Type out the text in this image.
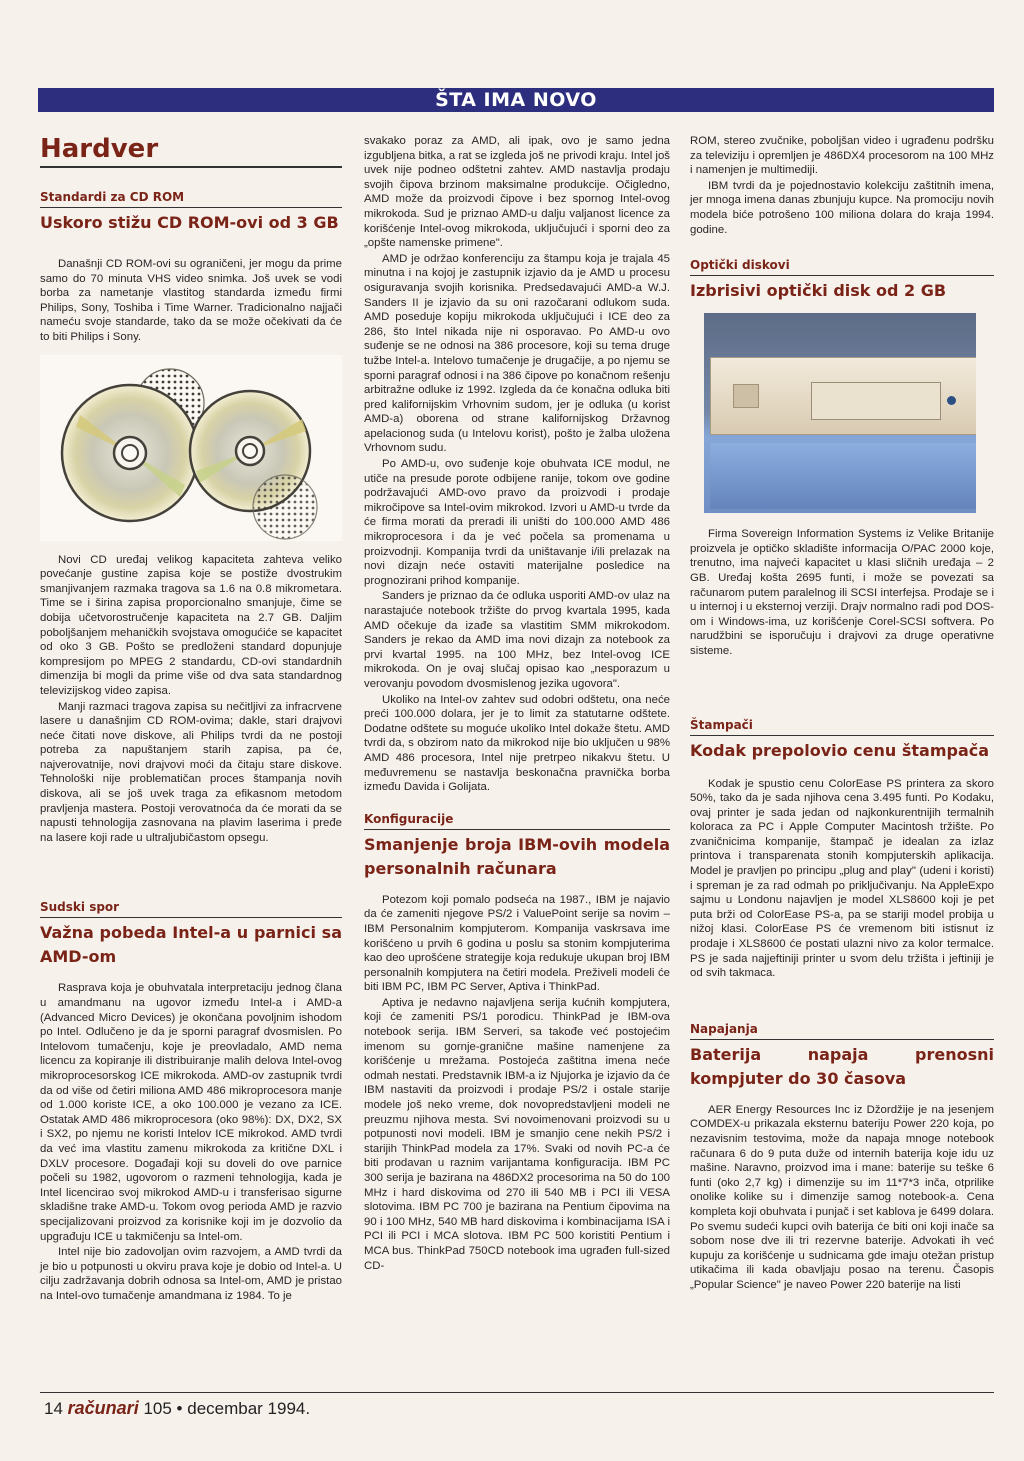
ŠTA IMA NOVO
Hardver
Standardi za CD ROM
Uskoro stižu CD ROM-ovi od 3 GB

Današnji CD ROM-ovi su ograničeni, jer mogu da prime samo do 70 minuta VHS video snimka. Još uvek se vodi borba za nametanje vlastitog standarda između firmi Philips, Sony, Toshiba i Time Warner. Tradicionalno najjači nameću svoje standarde, tako da se može očekivati da će to biti Philips i Sony.

Novi CD uređaj velikog kapaciteta zahteva veliko povećanje gustine zapisa koje se postiže dvostrukim smanjivanjem razmaka tragova sa 1.6 na 0.8 mikrometara. Time se i širina zapisa proporcionalno smanjuje, čime se dobija učetvorostručenje kapaciteta na 2.7 GB. Daljim poboljšanjem mehaničkih svojstava omogućiće se kapacitet od oko 3 GB. Pošto se predloženi standard dopunjuje kompresijom po MPEG 2 standardu, CD-ovi standardnih dimenzija bi mogli da prime više od dva sata standardnog televizijskog video zapisa.

Manji razmaci tragova zapisa su nečitljivi za infracrvene lasere u današnjim CD ROM-ovima; dakle, stari drajvovi neće čitati nove diskove, ali Philips tvrdi da ne postoji potreba za napuštanjem starih zapisa, pa će, najverovatnije, novi drajvovi moći da čitaju stare diskove. Tehnološki nije problematičan proces štampanja novih diskova, ali se još uvek traga za efikasnom metodom pravljenja mastera. Postoji verovatnoća da će morati da se napusti tehnologija zasnovana na plavim laserima i pređe na lasere koji rade u ultraljubičastom opsegu.

Sudski spor
Važna pobeda Intel-a u parnici sa AMD-om

Rasprava koja je obuhvatala interpretaciju jednog člana u amandmanu na ugovor između Intel-a i AMD-a (Advanced Micro Devices) je okončana povoljnim ishodom po Intel. Odlučeno je da je sporni paragraf dvosmislen. Po Intelovom tumačenju, koje je preovladalo, AMD nema licencu za kopiranje ili distribuiranje malih delova Intel-ovog mikroprocesorskog ICE mikrokoda. AMD-ov zastupnik tvrdi da od više od četiri miliona AMD 486 mikroprocesora manje od 1.000 koriste ICE, a oko 100.000 je vezano za ICE. Ostatak AMD 486 mikroprocesora (oko 98%): DX, DX2, SX i SX2, po njemu ne koristi Intelov ICE mikrokod. AMD tvrdi da već ima vlastitu zamenu mikrokoda za kritične DXL i DXLV procesore. Događaji koji su doveli do ove parnice počeli su 1982, ugovorom o razmeni tehnologija, kada je Intel licencirao svoj mikrokod AMD-u i transferisao sigurne skladišne trake AMD-u. Tokom ovog perioda AMD je razvio specijalizovani proizvod za korisnike koji im je dozvolio da upgrađuju ICE u takmičenju sa Intel-om.

Intel nije bio zadovoljan ovim razvojem, a AMD tvrdi da je bio u potpunosti u okviru prava koje je dobio od Intel-a. U cilju zadržavanja dobrih odnosa sa Intel-om, AMD je pristao na Intel-ovo tumačenje amandmana iz 1984. To je

svakako poraz za AMD, ali ipak, ovo je samo jedna izgubljena bitka, a rat se izgleda još ne privodi kraju. Intel još uvek nije podneo odštetni zahtev. AMD nastavlja prodaju svojih čipova brzinom maksimalne produkcije. Očigledno, AMD može da proizvodi čipove i bez spornog Intel-ovog mikrokoda. Sud je priznao AMD-u dalju valjanost licence za korišćenje Intel-ovog mikrokoda, uključujući i sporni deo za „opšte namenske primene".

AMD je održao konferenciju za štampu koja je trajala 45 minutna i na kojoj je zastupnik izjavio da je AMD u procesu osiguravanja svojih korisnika. Predsedavajući AMD-a W.J. Sanders II je izjavio da su oni razočarani odlukom suda. AMD poseduje kopiju mikrokoda uključujući i ICE deo za 286, što Intel nikada nije ni osporavao. Po AMD-u ovo suđenje se ne odnosi na 386 procesore, koji su tema druge tužbe Intel-a. Intelovo tumačenje je drugačije, a po njemu se sporni paragraf odnosi i na 386 čipove po konačnom rešenju arbitražne odluke iz 1992. Izgleda da će konačna odluka biti pred kalifornijskim Vrhovnim sudom, jer je odluka (u korist AMD-a) oborena od strane kalifornijskog Državnog apelacionog suda (u Intelovu korist), pošto je žalba uložena Vrhovnom sudu.

Po AMD-u, ovo suđenje koje obuhvata ICE modul, ne utiče na presude porote odbijene ranije, tokom ove godine podržavajući AMD-ovo pravo da proizvodi i prodaje mikročipove sa Intel-ovim mikrokod. Izvori u AMD-u tvrde da će firma morati da preradi ili uništi do 100.000 AMD 486 mikroprocesora i da je već počela sa promenama u proizvodnji. Kompanija tvrdi da uništavanje i/ili prelazak na novi dizajn neće ostaviti materijalne posledice na prognozirani prihod kompanije.

Sanders je priznao da će odluka usporiti AMD-ov ulaz na narastajuće notebook tržište do prvog kvartala 1995, kada AMD očekuje da izađe sa vlastitim SMM mikrokodom. Sanders je rekao da AMD ima novi dizajn za notebook za prvi kvartal 1995. na 100 MHz, bez Intel-ovog ICE mikrokoda. On je ovaj slučaj opisao kao „nesporazum u verovanju povodom dvosmislenog jezika ugovora".

Ukoliko na Intel-ov zahtev sud odobri odštetu, ona neće preći 100.000 dolara, jer je to limit za statutarne odštete. Dodatne odštete su moguće ukoliko Intel dokaže štetu. AMD tvrdi da, s obzirom nato da mikrokod nije bio uključen u 98% AMD 486 procesora, Intel nije pretrpeo nikakvu štetu. U međuvremenu se nastavlja beskonačna pravnička borba između Davida i Golijata.

Konfiguracije
Smanjenje broja IBM-ovih modela personalnih računara

Potezom koji pomalo podseća na 1987., IBM je najavio da će zameniti njegove PS/2 i ValuePoint serije sa novim – IBM Personalnim kompjuterom. Kompanija vaskrsava ime korišćeno u prvih 6 godina u poslu sa stonim kompjuterima kao deo uprošćene strategije koja redukuje ukupan broj IBM personalnih kompjutera na četiri modela. Preživeli modeli će biti IBM PC, IBM PC Server, Aptiva i ThinkPad.

Aptiva je nedavno najavljena serija kućnih kompjutera, koji će zameniti PS/1 porodicu. ThinkPad je IBM-ova notebook serija. IBM Serveri, sa takođe već postojećim imenom su gornje-granične mašine namenjene za korišćenje u mrežama. Postojeća zaštitna imena neće odmah nestati. Predstavnik IBM-a iz Njujorka je izjavio da će IBM nastaviti da proizvodi i prodaje PS/2 i ostale starije modele još neko vreme, dok novopredstavljeni modeli ne preuzmu njihova mesta. Svi novoimenovani proizvodi su u potpunosti novi modeli. IBM je smanjio cene nekih PS/2 i starijih ThinkPad modela za 17%. Svaki od novih PC-a će biti prodavan u raznim varijantama konfiguracija. IBM PC 300 serija je bazirana na 486DX2 procesorima na 50 do 100 MHz i hard diskovima od 270 ili 540 MB i PCI ili VESA slotovima. IBM PC 700 je bazirana na Pentium čipovima na 90 i 100 MHz, 540 MB hard diskovima i kombinacijama ISA i PCI ili PCI i MCA slotova. IBM PC 500 koristiti Pentium i MCA bus. ThinkPad 750CD notebook ima ugrađen full-sized CD-

ROM, stereo zvučnike, poboljšan video i ugrađenu podršku za televiziju i opremljen je 486DX4 procesorom na 100 MHz i namenjen je multimediji.

IBM tvrdi da je pojednostavio kolekciju zaštitnih imena, jer mnoga imena danas zbunjuju kupce. Na promociju novih modela biće potrošeno 100 miliona dolara do kraja 1994. godine.

Optički diskovi
Izbrisivi optički disk od 2 GB

Firma Sovereign Information Systems iz Velike Britanije proizvela je optičko skladište informacija O/PAC 2000 koje, trenutno, ima najveći kapacitet u klasi sličnih uređaja – 2 GB. Uređaj košta 2695 funti, i može se povezati sa računarom putem paralelnog ili SCSI interfejsa. Prodaje se i u internoj i u eksternoj verziji. Drajv normalno radi pod DOS-om i Windows-ima, uz korišćenje Corel-SCSI softvera. Po narudžbini se isporučuju i drajvovi za druge operativne sisteme.

Štampači
Kodak prepolovio cenu štampača

Kodak je spustio cenu ColorEase PS printera za skoro 50%, tako da je sada njihova cena 3.495 funti. Po Kodaku, ovaj printer je sada jedan od najkonkurentnijih termalnih kolorаca za PC i Apple Computer Macintosh tržište. Po zvaničnicima kompanije, štampač je idealan za izlaz printova i transparenata stonih kompjuterskih aplikacija. Model je pravljen po principu „plug and play" (udeni i koristi) i spreman je za rad odmah po priključivanju. Na AppleExpo sajmu u Londonu najavljen je model XLS8600 koji je pet puta brži od ColorEase PS-a, pa se stariji model probija u nižoj klasi. ColorEase PS će vremenom biti istisnut iz prodaje i XLS8600 će postati ulazni nivo za kolor termalce. PS je sada najjeftiniji printer u svom delu tržišta i jeftiniji je od svih takmaca.

Napajanja
Baterija napaja prenosni kompjuter do 30 časova

AER Energy Resources Inc iz Džordžije je na jesenjem COMDEX-u prikazala eksternu bateriju Power 220 koja, po nezavisnim testovima, može da napaja mnoge notebook računara 6 do 9 puta duže od internih baterija koje idu uz mašine. Naravno, proizvod ima i mane: baterije su teške 6 funti (oko 2,7 kg) i dimenzije su im 11*7*3 inča, otprilike onolike kolike su i dimenzije samog notebook-a. Cena kompleta koji obuhvata i punjač i set kablova je 6499 dolara. Po svemu sudeći kupci ovih baterija će biti oni koji inače sa sobom nose dve ili tri rezervne baterije. Advokati ih već kupuju za korišćenje u sudnicama gde imaju otežan pristup utikačima ili kada obavljaju posao na terenu. Časopis „Popular Science" je naveo Power 220 baterije na listi

14 računari 105 • decembar 1994.
